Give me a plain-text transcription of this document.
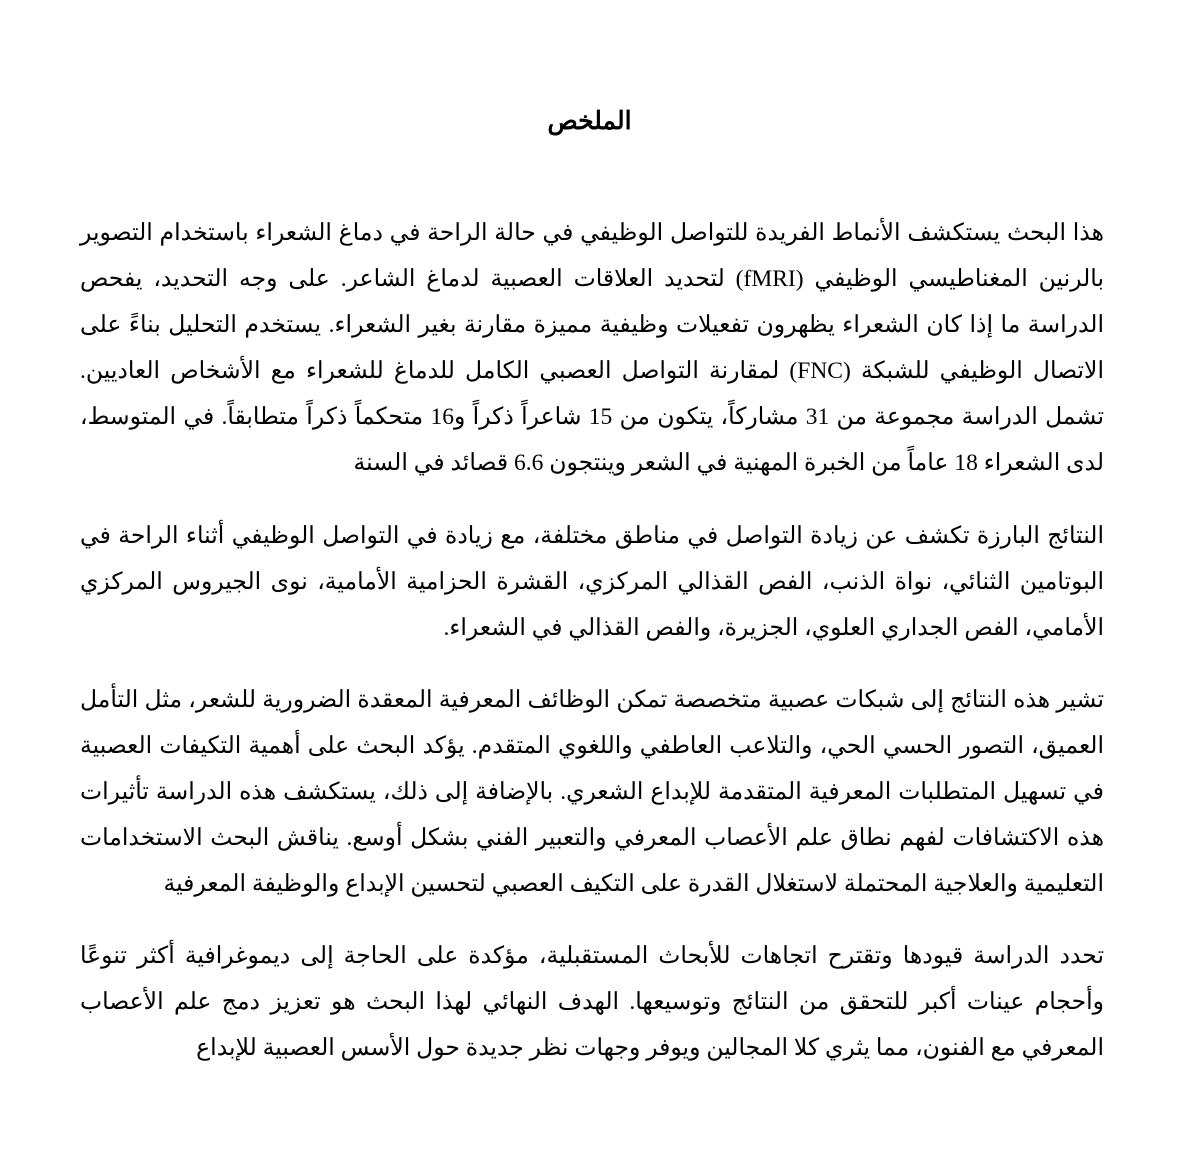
الملخص
هذا البحث يستكشف الأنماط الفريدة للتواصل الوظيفي في حالة الراحة في دماغ الشعراء باستخدام التصوير بالرنين المغناطيسي الوظيفي (fMRI) لتحديد العلاقات العصبية لدماغ الشاعر. على وجه التحديد، يفحص الدراسة ما إذا كان الشعراء يظهرون تفعيلات وظيفية مميزة مقارنة بغير الشعراء. يستخدم التحليل بناءً على الاتصال الوظيفي للشبكة (FNC) لمقارنة التواصل العصبي الكامل للدماغ للشعراء مع الأشخاص العاديين. تشمل الدراسة مجموعة من 31 مشاركاً، يتكون من 15 شاعراً ذكراً و16 متحكماً ذكراً متطابقاً. في المتوسط، لدى الشعراء 18 عاماً من الخبرة المهنية في الشعر وينتجون 6.6 قصائد في السنة
النتائج البارزة تكشف عن زيادة التواصل في مناطق مختلفة، مع زيادة في التواصل الوظيفي أثناء الراحة في البوتامين الثنائي، نواة الذنب، الفص القذالي المركزي، القشرة الحزامية الأمامية، نوى الجيروس المركزي الأمامي، الفص الجداري العلوي، الجزيرة، والفص القذالي في الشعراء.
تشير هذه النتائج إلى شبكات عصبية متخصصة تمكن الوظائف المعرفية المعقدة الضرورية للشعر، مثل التأمل العميق، التصور الحسي الحي، والتلاعب العاطفي واللغوي المتقدم. يؤكد البحث على أهمية التكيفات العصبية في تسهيل المتطلبات المعرفية المتقدمة للإبداع الشعري. بالإضافة إلى ذلك، يستكشف هذه الدراسة تأثيرات هذه الاكتشافات لفهم نطاق علم الأعصاب المعرفي والتعبير الفني بشكل أوسع. يناقش البحث الاستخدامات التعليمية والعلاجية المحتملة لاستغلال القدرة على التكيف العصبي لتحسين الإبداع والوظيفة المعرفية
تحدد الدراسة قيودها وتقترح اتجاهات للأبحاث المستقبلية، مؤكدة على الحاجة إلى ديموغرافية أكثر تنوعًا وأحجام عينات أكبر للتحقق من النتائج وتوسيعها. الهدف النهائي لهذا البحث هو تعزيز دمج علم الأعصاب المعرفي مع الفنون، مما يثري كلا المجالين ويوفر وجهات نظر جديدة حول الأسس العصبية للإبداع
